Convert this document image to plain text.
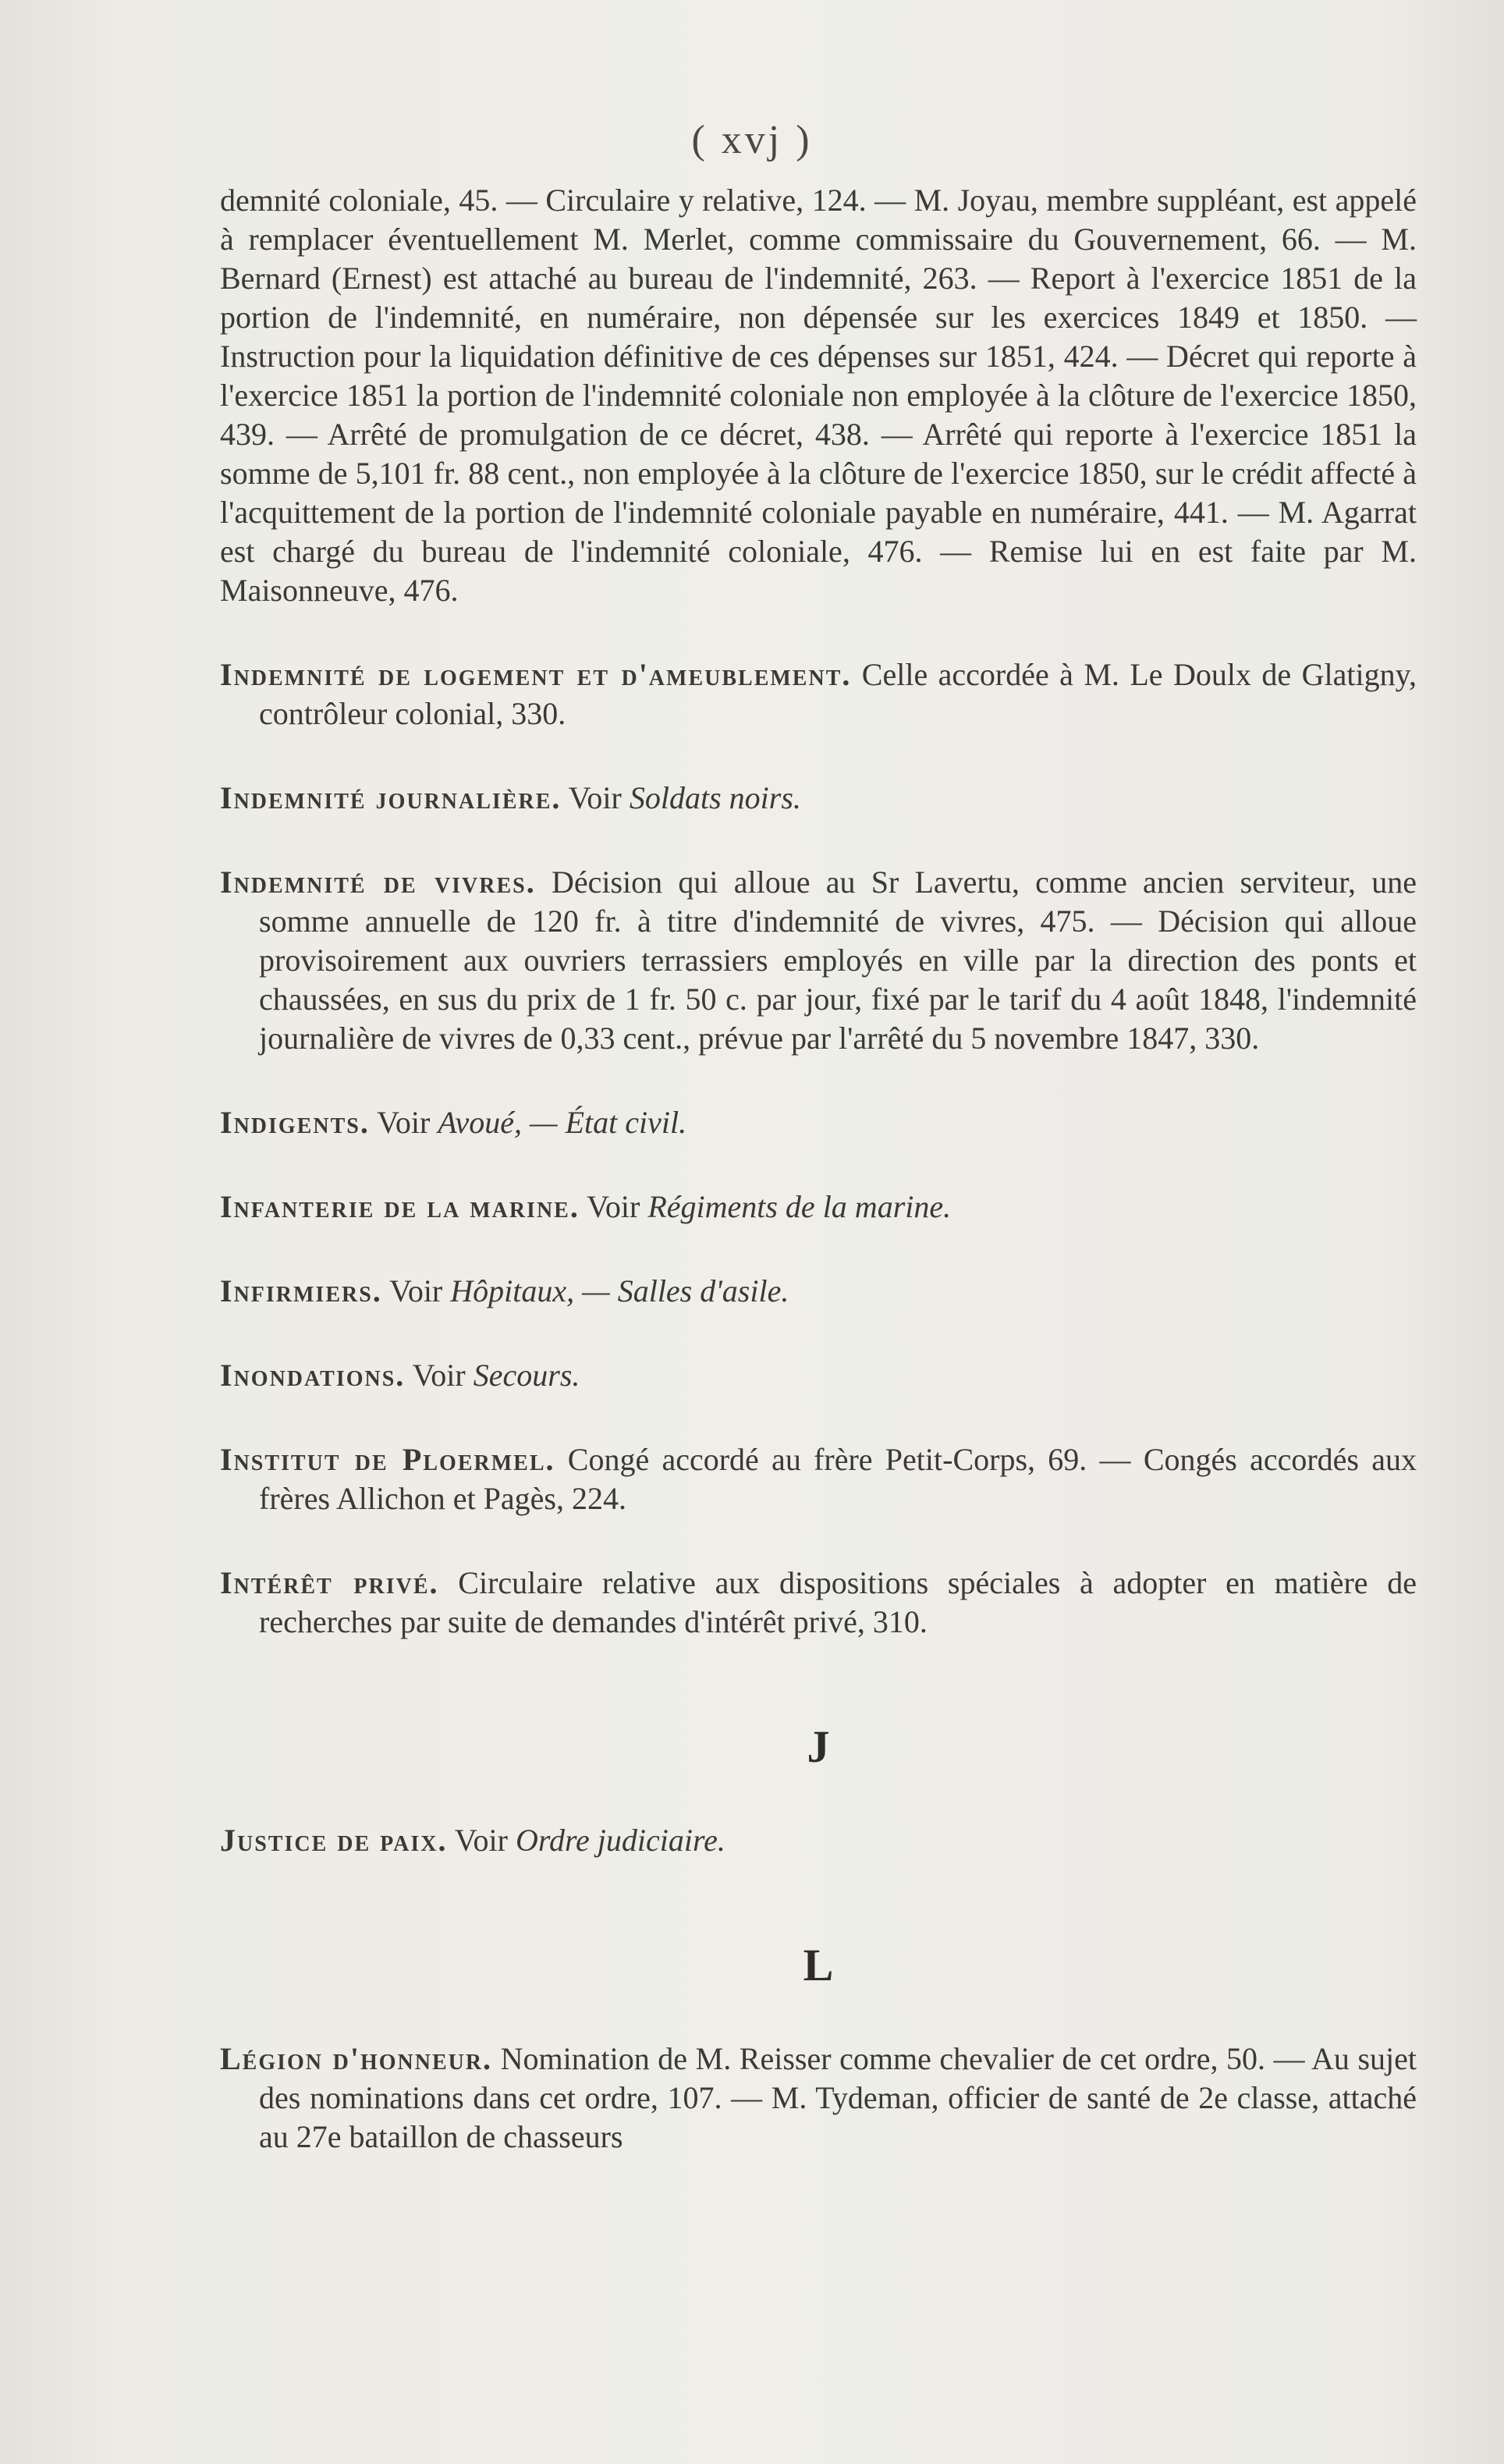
( xvj )

demnité coloniale, 45. — Circulaire y relative, 124. — M. Joyau, membre suppléant, est appelé à remplacer éventuellement M. Merlet, comme commissaire du Gouvernement, 66. — M. Bernard (Ernest) est attaché au bureau de l'indemnité, 263. — Report à l'exercice 1851 de la portion de l'indemnité, en numéraire, non dépensée sur les exercices 1849 et 1850. — Instruction pour la liquidation définitive de ces dépenses sur 1851, 424. — Décret qui reporte à l'exercice 1851 la portion de l'indemnité coloniale non employée à la clôture de l'exercice 1850, 439. — Arrêté de promulgation de ce décret, 438. — Arrêté qui reporte à l'exercice 1851 la somme de 5,101 fr. 88 cent., non employée à la clôture de l'exercice 1850, sur le crédit affecté à l'acquittement de la portion de l'indemnité coloniale payable en numéraire, 441. — M. Agarrat est chargé du bureau de l'indemnité coloniale, 476. — Remise lui en est faite par M. Maisonneuve, 476.

Indemnité de logement et d'ameublement. Celle accordée à M. Le Doulx de Glatigny, contrôleur colonial, 330.

Indemnité journalière. Voir Soldats noirs.

Indemnité de vivres. Décision qui alloue au Sr Lavertu, comme ancien serviteur, une somme annuelle de 120 fr. à titre d'indemnité de vivres, 475. — Décision qui alloue provisoirement aux ouvriers terrassiers employés en ville par la direction des ponts et chaussées, en sus du prix de 1 fr. 50 c. par jour, fixé par le tarif du 4 août 1848, l'indemnité journalière de vivres de 0,33 cent., prévue par l'arrêté du 5 novembre 1847, 330.

Indigents. Voir Avoué, — État civil.

Infanterie de la marine. Voir Régiments de la marine.

Infirmiers. Voir Hôpitaux, — Salles d'asile.

Inondations. Voir Secours.

Institut de Ploermel. Congé accordé au frère Petit-Corps, 69. — Congés accordés aux frères Allichon et Pagès, 224.

Intérêt privé. Circulaire relative aux dispositions spéciales à adopter en matière de recherches par suite de demandes d'intérêt privé, 310.

J

Justice de paix. Voir Ordre judiciaire.

L

Légion d'honneur. Nomination de M. Reisser comme chevalier de cet ordre, 50. — Au sujet des nominations dans cet ordre, 107. — M. Tydeman, officier de santé de 2e classe, attaché au 27e bataillon de chasseurs
